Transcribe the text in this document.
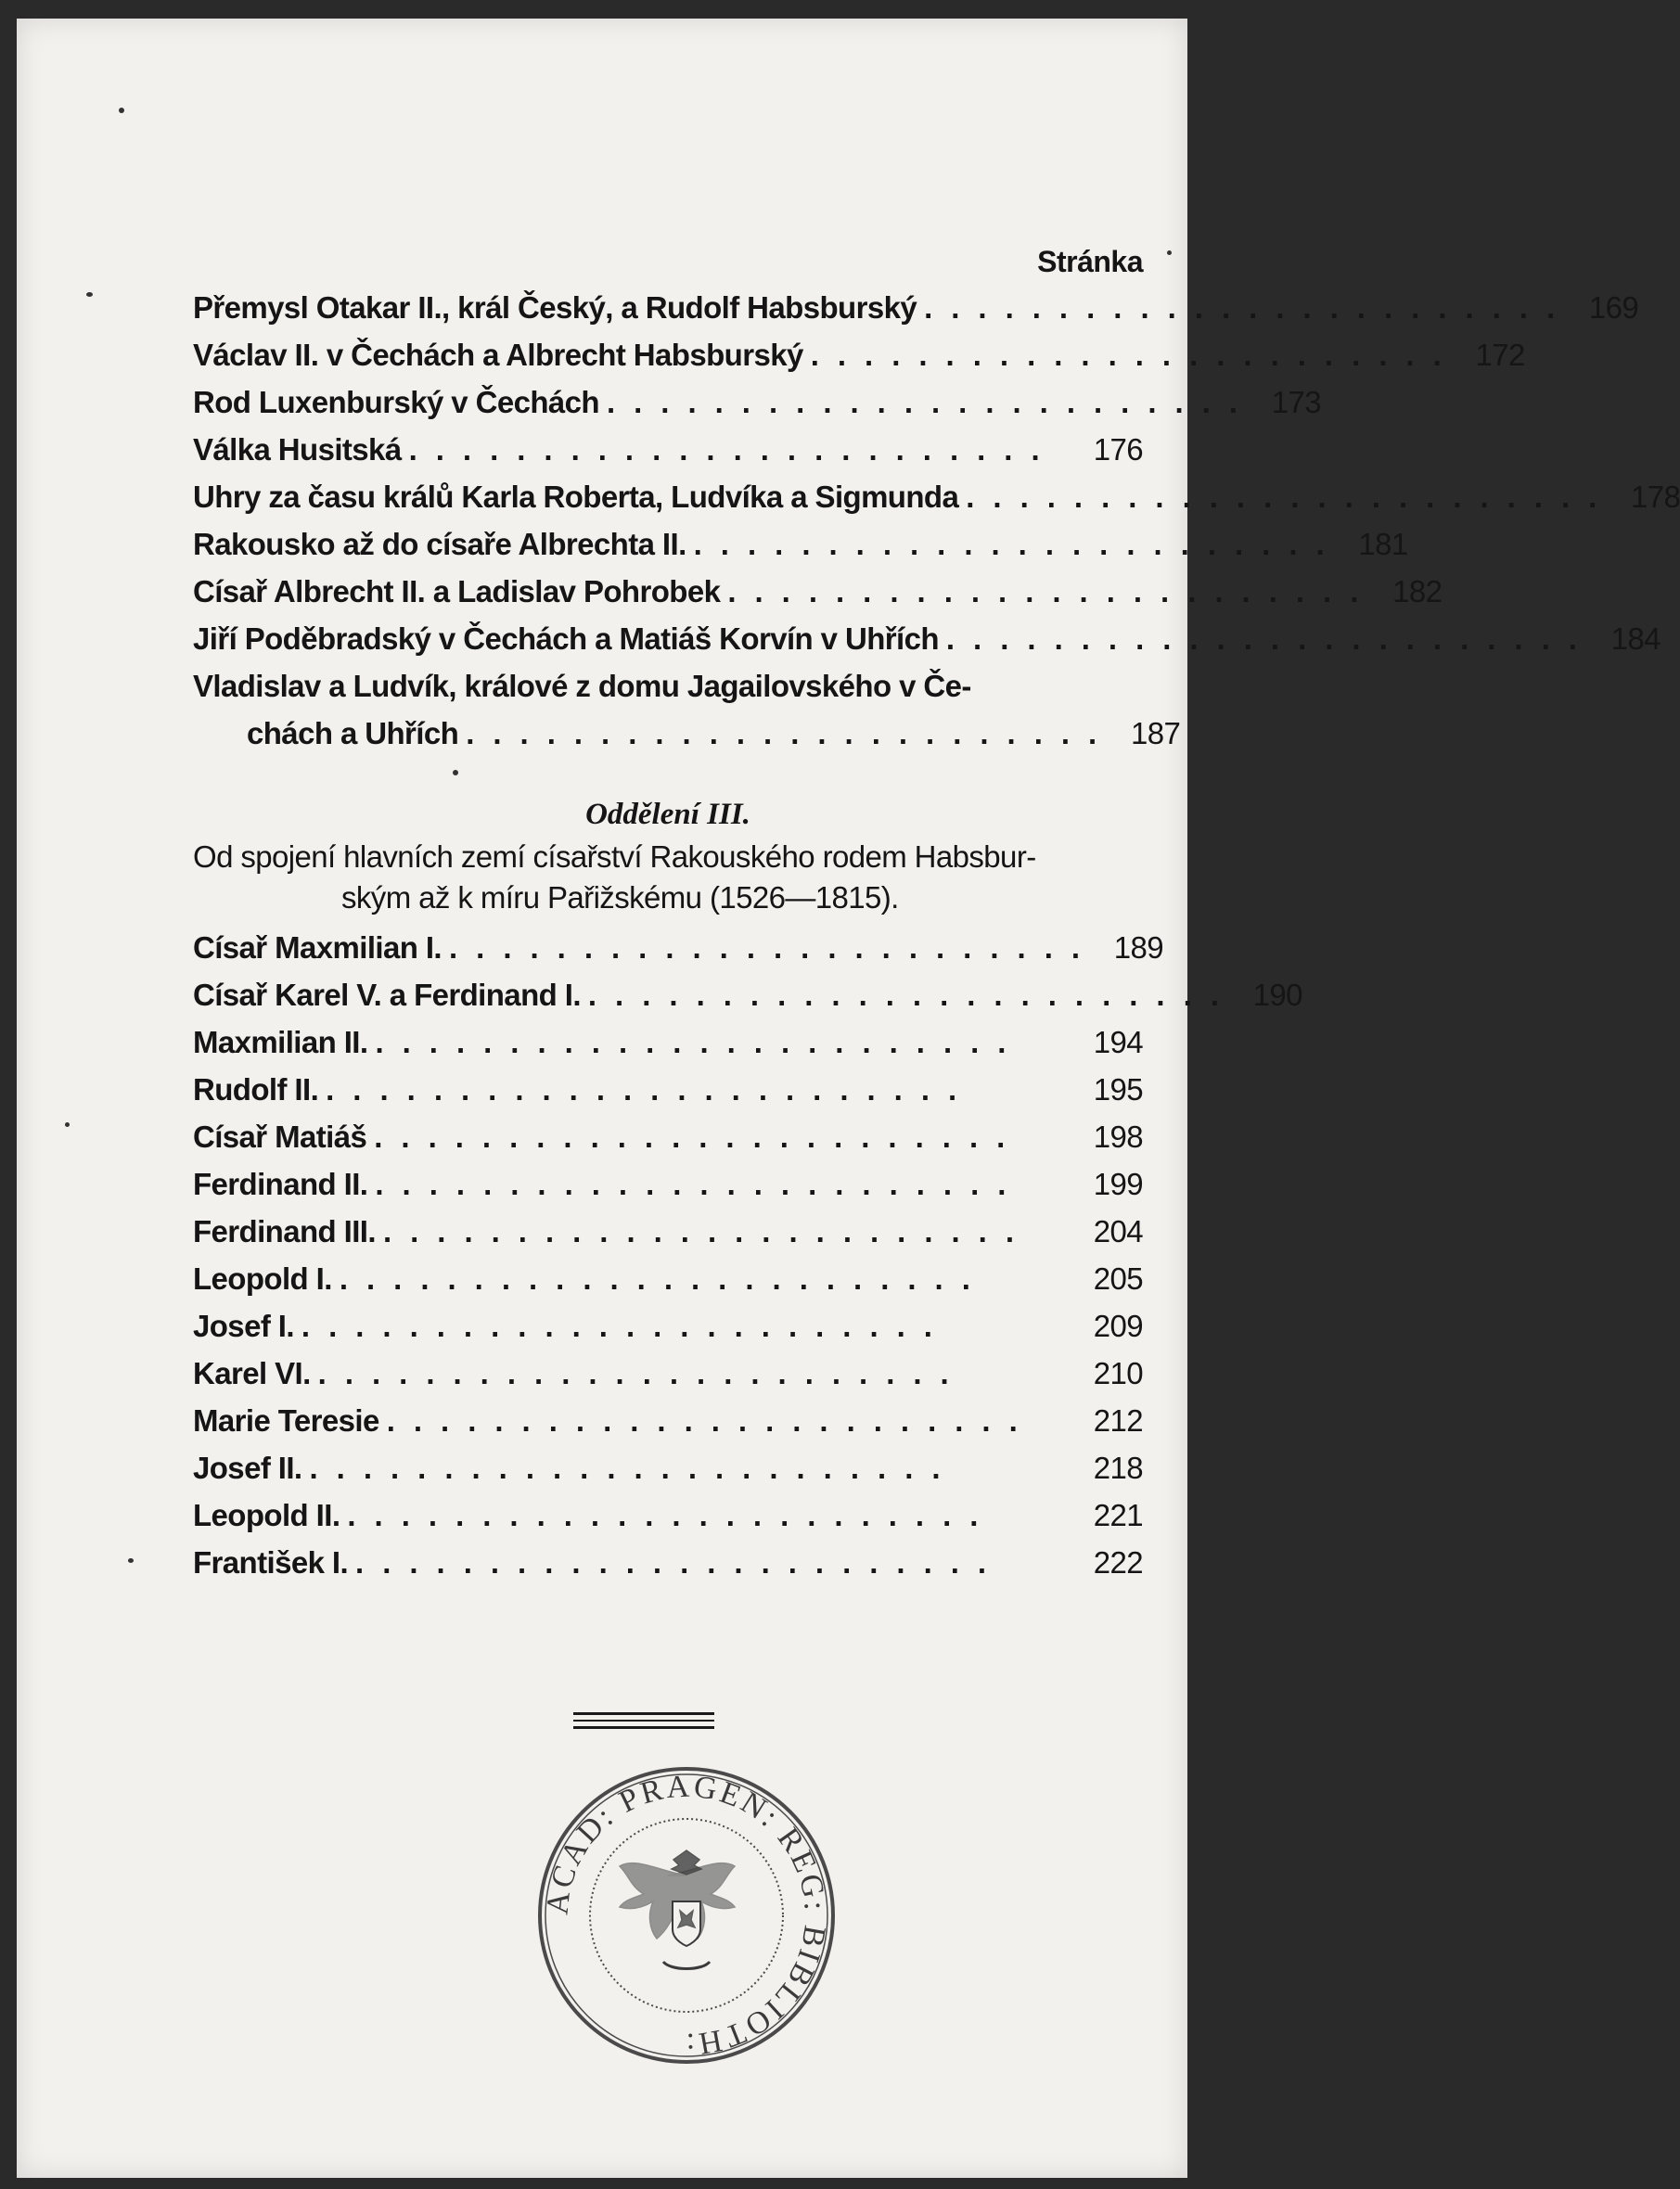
Stránka
Přemysl Otakar II., král Český, a Rudolf Habsburský ........................ 169
Václav II. v Čechách a Albrecht Habsburský ........................ 172
Rod Luxenburský v Čechách ........................ 173
Válka Husitská ........................	176
Uhry za času králů Karla Roberta, Ludvíka a Sigmunda ........................ 178
Rakousko až do císaře Albrechta II. ........................ 181
Císař Albrecht II. a Ladislav Pohrobek ........................ 182
Jiří Poděbradský v Čechách a Matiáš Korvín v Uhřích ........................ 184
Vladislav a Ludvík, králové z domu Jagailovského v Če-
chách a Uhřích ........................ 187
Oddělení III.
Od spojení hlavních zemí císařství Rakouského rodem Habsbur-
ským až k míru Pařižskému (1526—1815).
Císař Maxmilian I. ........................ 189
Císař Karel V. a Ferdinand I. ........................ 190
Maxmilian II. ........................	194
Rudolf II. ........................	195
Císař Matiáš ........................	198
Ferdinand II. ........................	199
Ferdinand III. ........................	204
Leopold I. ........................	205
Josef I. ........................	209
Karel VI. ........................	210
Marie Teresie ........................	212
Josef II. ........................	218
Leopold II. ........................	221
František I. ........................	222
ACAD: PRAGEN: REG: BIBLIOTH:
